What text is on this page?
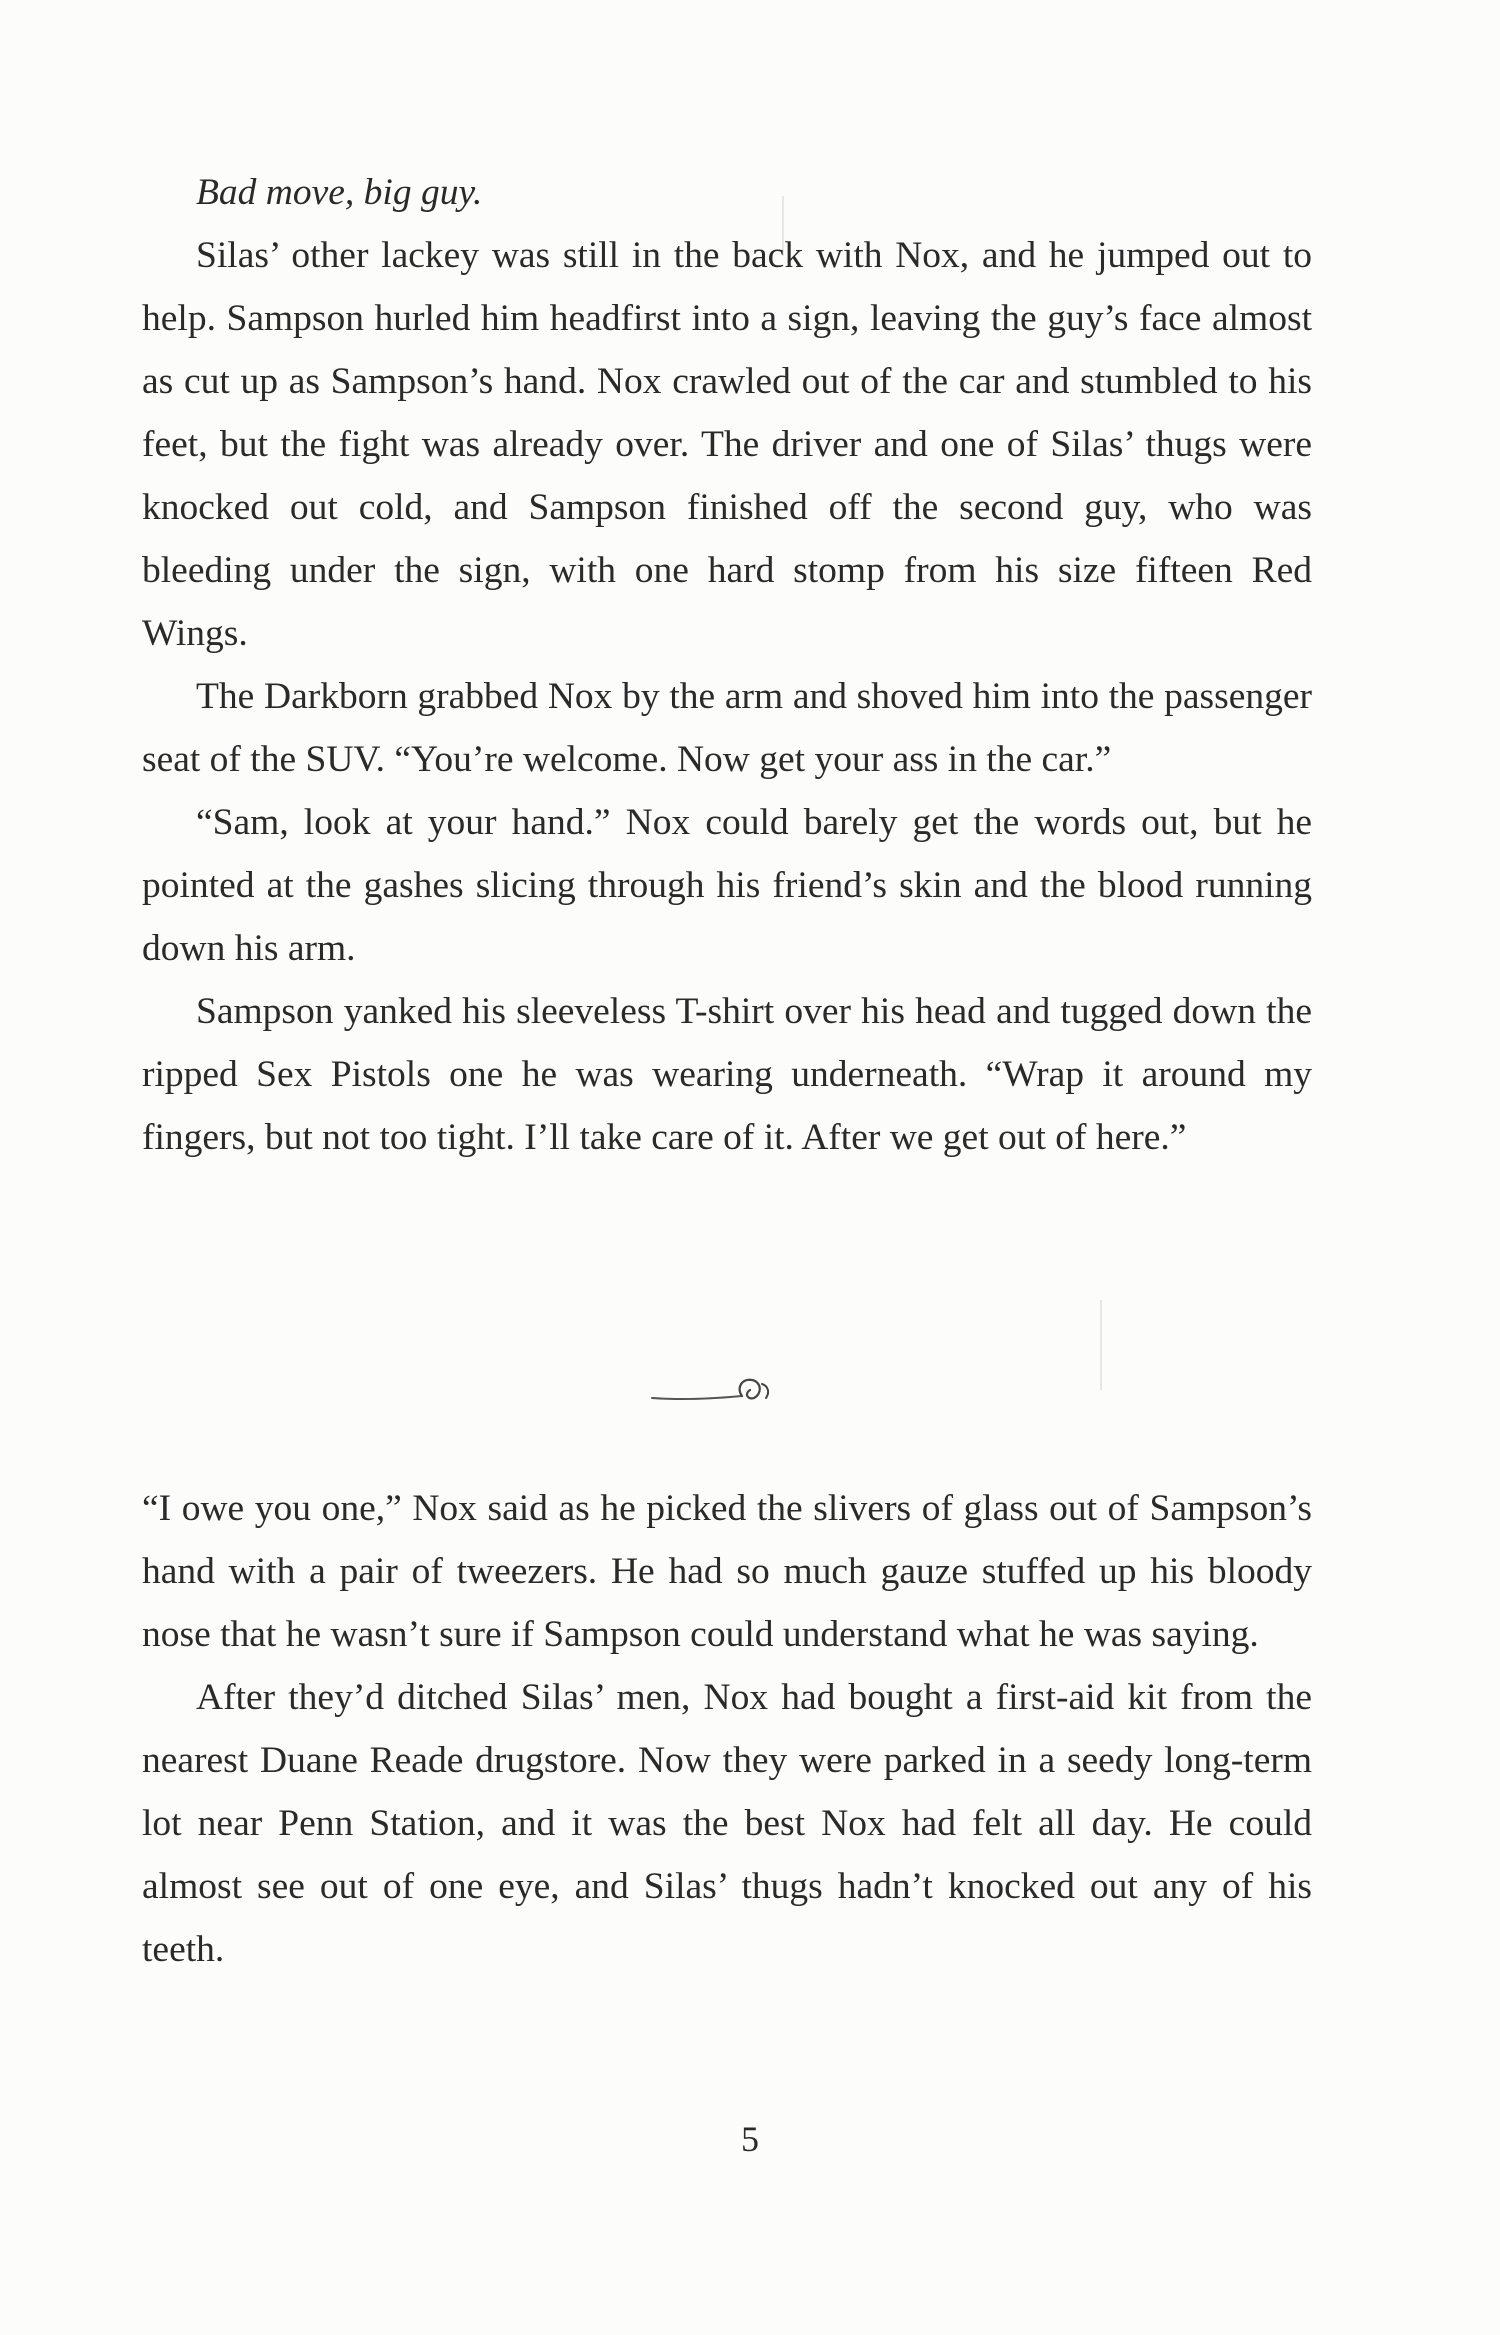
Bad move, big guy.

Silas’ other lackey was still in the back with Nox, and he jumped out to help. Sampson hurled him headfirst into a sign, leaving the guy’s face almost as cut up as Sampson’s hand. Nox crawled out of the car and stumbled to his feet, but the fight was already over. The driver and one of Silas’ thugs were knocked out cold, and Sampson finished off the second guy, who was bleeding under the sign, with one hard stomp from his size fifteen Red Wings.

The Darkborn grabbed Nox by the arm and shoved him into the passenger seat of the SUV. “You’re welcome. Now get your ass in the car.”

“Sam, look at your hand.” Nox could barely get the words out, but he pointed at the gashes slicing through his friend’s skin and the blood running down his arm.

Sampson yanked his sleeveless T-shirt over his head and tugged down the ripped Sex Pistols one he was wearing underneath. “Wrap it around my fingers, but not too tight. I’ll take care of it. After we get out of here.”

“I owe you one,” Nox said as he picked the slivers of glass out of Sampson’s hand with a pair of tweezers. He had so much gauze stuffed up his bloody nose that he wasn’t sure if Sampson could understand what he was saying.

After they’d ditched Silas’ men, Nox had bought a first-aid kit from the nearest Duane Reade drugstore. Now they were parked in a seedy long-term lot near Penn Station, and it was the best Nox had felt all day. He could almost see out of one eye, and Silas’ thugs hadn’t knocked out any of his teeth.

5
